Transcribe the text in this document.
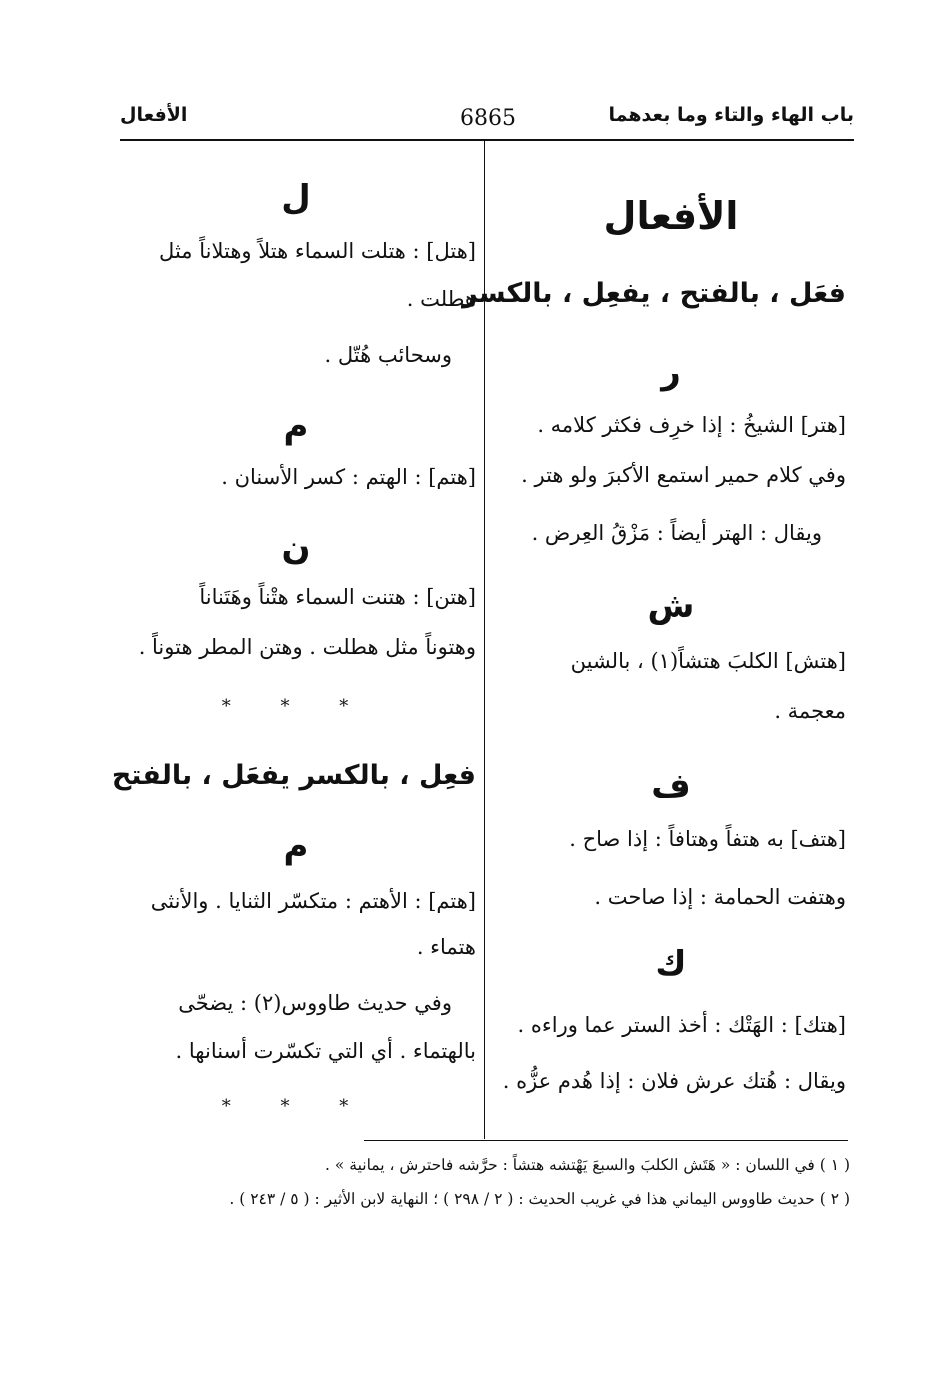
باب الهاء والتاء وما بعدهما
6865
الأفعال
الأفعال
فعَل ، بالفتح ، يفعِل ، بالكسر
ر
[هتر] الشيخُ : إذا خرِف فكثر كلامه .
وفي كلام حمير استمع الأكبرَ ولو هتر .
ويقال : الهتر أيضاً : مَزْقُ العِرض .
ش
[هتش] الكلبَ هتشاً(١) ، بالشين
معجمة .
ف
[هتف] به هتفاً وهتافاً : إذا صاح .
وهتفت الحمامة : إذا صاحت .
ك
[هتك] : الهَتْك : أخذ الستر عما وراءه .
ويقال : هُتك عرش فلان : إذا هُدم عزُّه .
ل
[هتل] : هتلت السماء هتلاً وهتلاناً مثل
هطلت .
وسحائب هُتّل .
م
[هتم] : الهتم : كسر الأسنان .
ن
[هتن] : هتنت السماء هتْناً وهَتَناناً
وهتوناً مثل هطلت . وهتن المطر هتوناً .
* * *
فعِل ، بالكسر يفعَل ، بالفتح
م
[هتم] : الأهتم : متكسّر الثنايا . والأنثى
هتماء .
وفي حديث طاووس(٢) : يضحّى
بالهتماء . أي التي تكسّرت أسنانها .
* * *
( ١ ) في اللسان : « هَتَش الكلبَ والسبعَ يَهْتشه هتشاً : حرَّشه فاحترش ، يمانية » .
( ٢ ) حديث طاووس اليماني هذا في غريب الحديث : ( ٢ / ٢٩٨ ) ؛ النهاية لابن الأثير : ( ٥ / ٢٤٣ ) .
